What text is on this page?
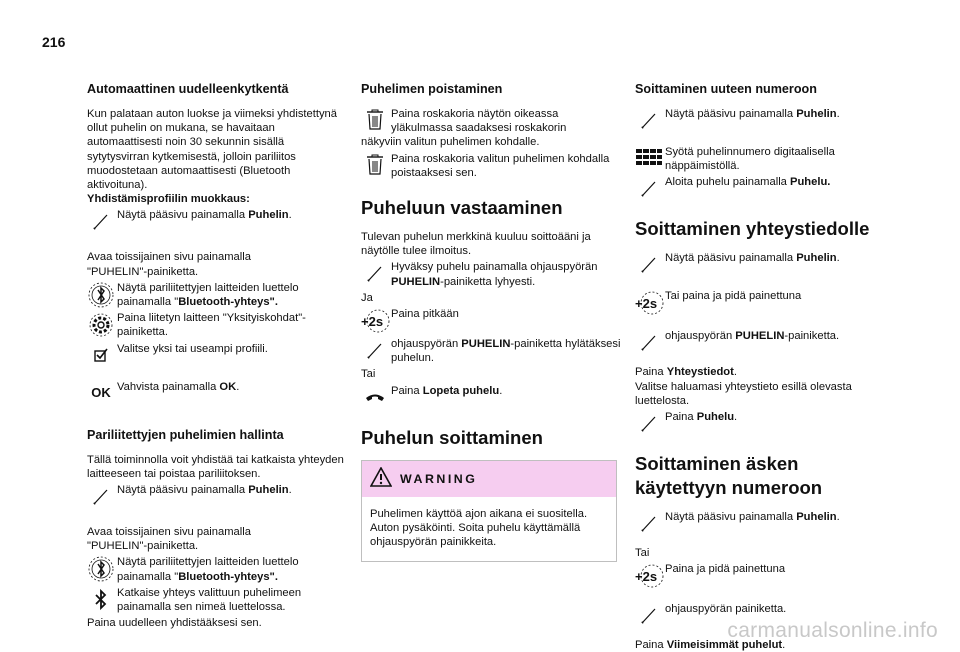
216
Automaattinen uudelleenkytkentä

Kun palataan auton luokse ja viimeksi yhdistettynä ollut puhelin on mukana, se havaitaan automaattisesti noin 30 sekunnin sisällä sytytysvirran kytkemisestä, jolloin pariliitos muodostetaan automaattisesti (Bluetooth aktivoituna).

Yhdistämisprofiilin muokkaus:

Näytä pääsivu painamalla Puhelin.

Avaa toissijainen sivu painamalla

"PUHELIN"-painiketta.

Näytä pariliitettyjen laitteiden luettelo painamalla "Bluetooth-yhteys".
Paina liitetyn laitteen "Yksityiskohdat"-painiketta.
Valitse yksi tai useampi profiili.
OK Vahvista painamalla OK.
Pariliitettyjen puhelimien hallinta

Tällä toiminnolla voit yhdistää tai katkaista yhteyden laitteeseen tai poistaa pariliitoksen.

Näytä pääsivu painamalla Puhelin.

Avaa toissijainen sivu painamalla

"PUHELIN"-painiketta.

Näytä pariliitettyjen laitteiden luettelo painamalla "Bluetooth-yhteys".
Katkaise yhteys valittuun puhelimeen painamalla sen nimeä luettelossa.

Paina uudelleen yhdistääksesi sen.

Puhelimen poistaminen
Paina roskakoria näytön oikeassa yläkulmassa saadaksesi roskakorin

näkyviin valitun puhelimen kohdalle.

Paina roskakoria valitun puhelimen kohdalla poistaaksesi sen.
Puheluun vastaaminen

Tulevan puhelun merkkinä kuuluu soittoääni ja näytölle tulee ilmoitus.

Hyväksy puhelu painamalla ohjauspyörän PUHELIN-painiketta lyhyesti.

Ja

+2s Paina pitkään
ohjauspyörän PUHELIN-painiketta hylätäksesi puhelun.

Tai

Paina Lopeta puhelu.
Puhelun soittaminen
WARNING
Puhelimen käyttöä ajon aikana ei suositella. Auton pysäköinti. Soita puhelu käyttämällä ohjauspyörän painikkeita.
Soittaminen uuteen numeroon
Näytä pääsivu painamalla Puhelin.
Syötä puhelinnumero digitaalisella näppäimistöllä.
Aloita puhelu painamalla Puhelu.
Soittaminen yhteystiedolle
Näytä pääsivu painamalla Puhelin.
+2s Tai paina ja pidä painettuna
ohjauspyörän PUHELIN-painiketta.

Paina Yhteystiedot.

Valitse haluamasi yhteystieto esillä olevasta luettelosta.

Paina Puhelu.
Soittaminen äsken käytettyyn numeroon
Näytä pääsivu painamalla Puhelin.

Tai

+2s Paina ja pidä painettuna
ohjauspyörän painiketta.

Paina Viimeisimmät puhelut.

carmanualsonline.info
